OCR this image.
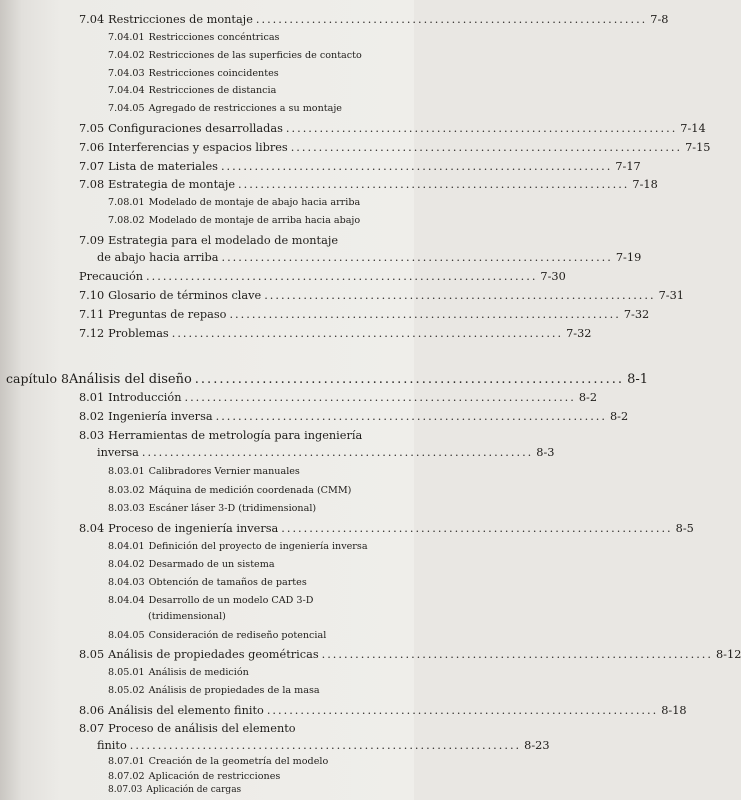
7.04 Restricciones de montaje ...................................................................... 7-8
7.04.01 Restricciones concéntricas
7.04.02 Restricciones de las superficies de contacto
7.04.03 Restricciones coincidentes
7.04.04 Restricciones de distancia
7.04.05 Agregado de restricciones a su montaje
7.05 Configuraciones desarrolladas ...................................................................... 7-14
7.06 Interferencias y espacios libres ...................................................................... 7-15
7.07 Lista de materiales ...................................................................... 7-17
7.08 Estrategia de montaje ...................................................................... 7-18
7.08.01 Modelado de montaje de abajo hacia arriba
7.08.02 Modelado de montaje de arriba hacia abajo
7.09 Estrategia para el modelado de montaje
de abajo hacia arriba ...................................................................... 7-19
Precaución ...................................................................... 7-30
7.10 Glosario de términos clave ...................................................................... 7-31
7.11 Preguntas de repaso ...................................................................... 7-32
7.12 Problemas ...................................................................... 7-32
capítulo 8 Análisis del diseño ...................................................................... 8-1
8.01 Introducción ...................................................................... 8-2
8.02 Ingeniería inversa ...................................................................... 8-2
8.03 Herramientas de metrología para ingeniería
inversa ...................................................................... 8-3
8.03.01 Calibradores Vernier manuales
8.03.02 Máquina de medición coordenada (CMM)
8.03.03 Escáner láser 3-D (tridimensional)
8.04 Proceso de ingeniería inversa ...................................................................... 8-5
8.04.01 Definición del proyecto de ingeniería inversa
8.04.02 Desarmado de un sistema
8.04.03 Obtención de tamaños de partes
8.04.04 Desarrollo de un modelo CAD 3-D
(tridimensional)
8.04.05 Consideración de rediseño potencial
8.05 Análisis de propiedades geométricas ...................................................................... 8-12
8.05.01 Análisis de medición
8.05.02 Análisis de propiedades de la masa
8.06 Análisis del elemento finito ...................................................................... 8-18
8.07 Proceso de análisis del elemento
finito ...................................................................... 8-23
8.07.01 Creación de la geometría del modelo
8.07.02 Aplicación de restricciones
8.07.03 Aplicación de cargas
